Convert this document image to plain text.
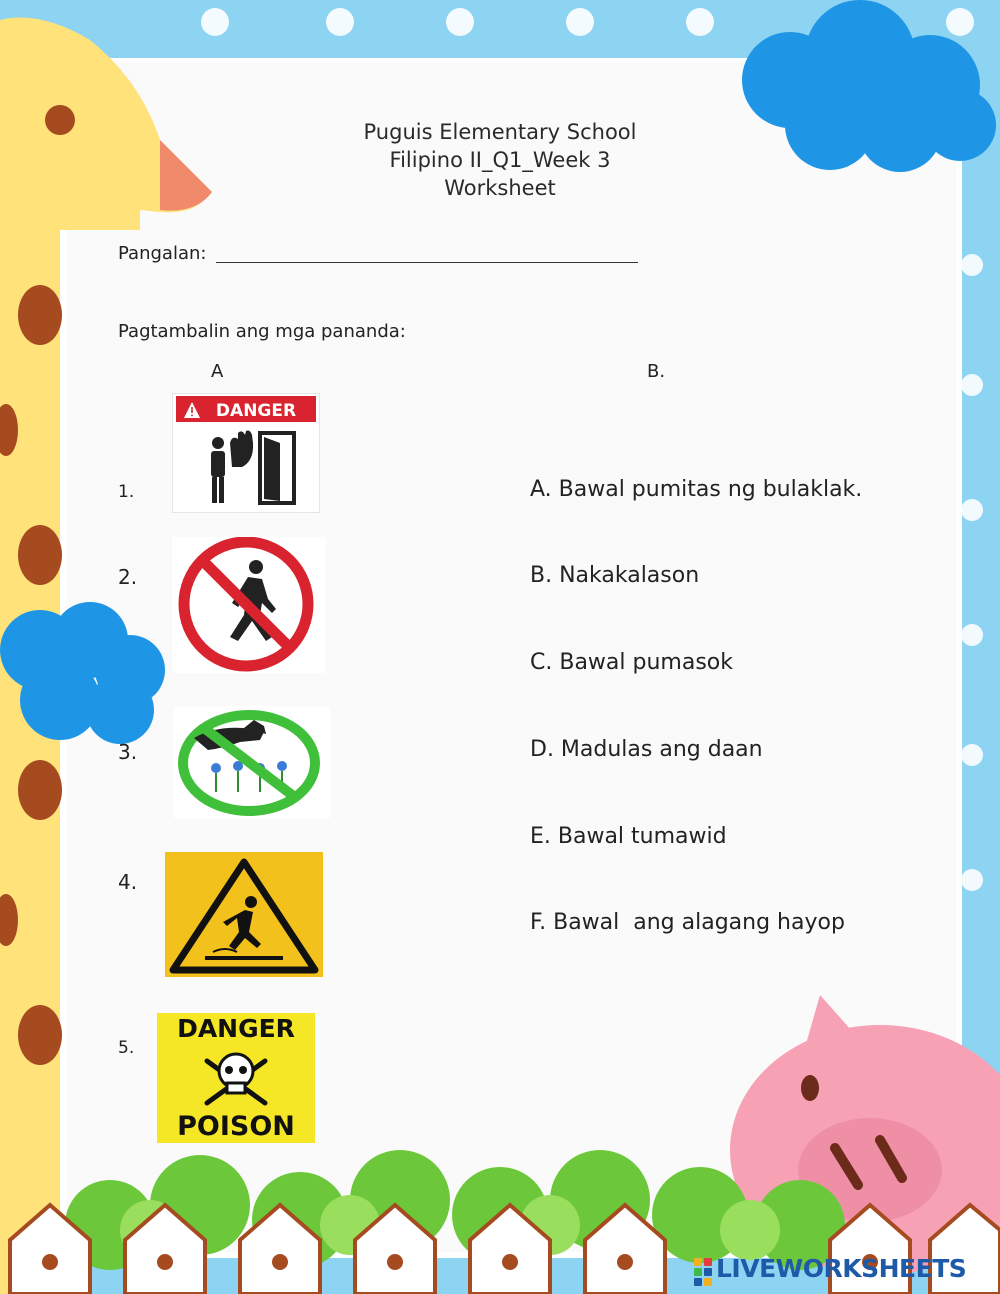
Puguis Elementary School
Filipino II_Q1_Week 3
Worksheet
Pangalan:
Pagtambalin ang mga pananda:
A	B.
1.
2.
3.
4.
5.
DANGER
DANGER
POISON
A. Bawal pumitas ng bulaklak.
B. Nakakalason
C. Bawal pumasok
D. Madulas ang daan
E. Bawal tumawid
F. Bawal  ang alagang hayop
LIVEWORKSHEETS
